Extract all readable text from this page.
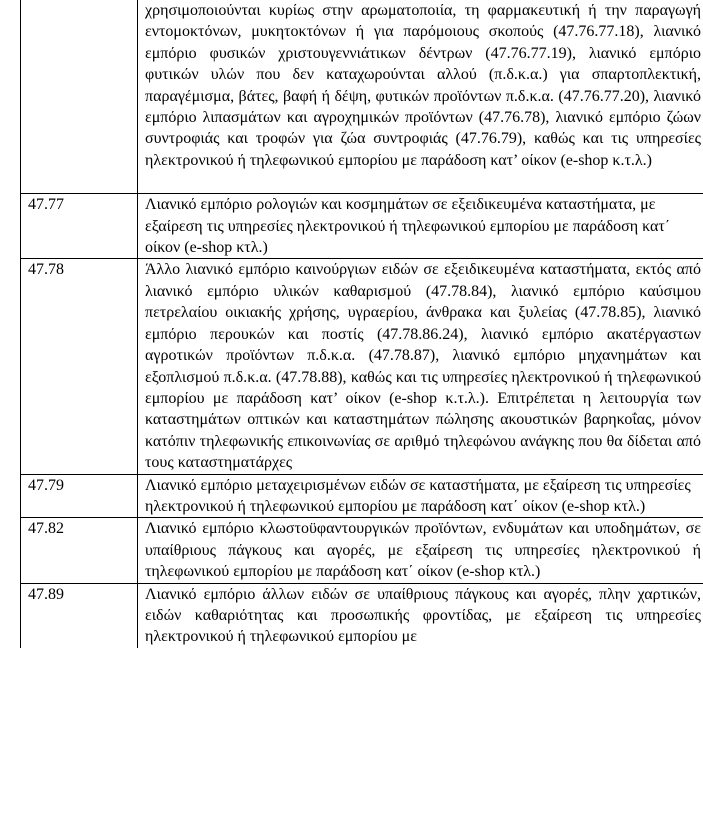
	χρησιμοποιούνται κυρίως στην αρωματοποιία, τη φαρμακευτική ή την παραγωγή εντομοκτόνων, μυκητοκτόνων ή για παρόμοιους σκοπούς (47.76.77.18), λιανικό εμπόριο φυσικών χριστουγεννιάτικων δέντρων (47.76.77.19), λιανικό εμπόριο φυτικών υλών που δεν καταχωρούνται αλλού (π.δ.κ.α.) για σπαρτοπλεκτική, παραγέμισμα, βάτες, βαφή ή δέψη, φυτικών προϊόντων π.δ.κ.α. (47.76.77.20), λιανικό εμπόριο λιπασμάτων και αγροχημικών προϊόντων (47.76.78), λιανικό εμπόριο ζώων συντροφιάς και τροφών για ζώα συντροφιάς (47.76.79), καθώς και τις υπηρεσίες ηλεκτρονικού ή τηλεφωνικού εμπορίου με παράδοση κατ’ οίκον (e-shop κ.τ.λ.)
47.77	Λιανικό εμπόριο ρολογιών και κοσμημάτων σε εξειδικευμένα καταστήματα, με εξαίρεση τις υπηρεσίες ηλεκτρονικού ή τηλεφωνικού εμπορίου με παράδοση κατ΄ οίκον (e-shop κτλ.)
47.78	Άλλο λιανικό εμπόριο καινούργιων ειδών σε εξειδικευμένα καταστήματα, εκτός από λιανικό εμπόριο υλικών καθαρισμού (47.78.84), λιανικό εμπόριο καύσιμου πετρελαίου οικιακής χρήσης, υγραερίου, άνθρακα και ξυλείας (47.78.85), λιανικό εμπόριο περουκών και ποστίς (47.78.86.24), λιανικό εμπόριο ακατέργαστων αγροτικών προϊόντων π.δ.κ.α. (47.78.87), λιανικό εμπόριο μηχανημάτων και εξοπλισμού π.δ.κ.α. (47.78.88), καθώς και τις υπηρεσίες ηλεκτρονικού ή τηλεφωνικού εμπορίου με παράδοση κατ’ οίκον (e-shop κ.τ.λ.). Επιτρέπεται η λειτουργία των καταστημάτων οπτικών και καταστημάτων πώλησης ακουστικών βαρηκοΐας, μόνον κατόπιν τηλεφωνικής επικοινωνίας σε αριθμό τηλεφώνου ανάγκης που θα δίδεται από τους καταστηματάρχες
47.79	Λιανικό εμπόριο μεταχειρισμένων ειδών σε καταστήματα, με εξαίρεση τις υπηρεσίες ηλεκτρονικού ή τηλεφωνικού εμπορίου με παράδοση κατ΄ οίκον (e-shop κτλ.)
47.82	Λιανικό εμπόριο κλωστοϋφαντουργικών προϊόντων, ενδυμάτων και υποδημάτων, σε υπαίθριους πάγκους και αγορές, με εξαίρεση τις υπηρεσίες ηλεκτρονικού ή τηλεφωνικού εμπορίου με παράδοση κατ΄ οίκον (e-shop κτλ.)
47.89	Λιανικό εμπόριο άλλων ειδών σε υπαίθριους πάγκους και αγορές, πλην χαρτικών, ειδών καθαριότητας και προσωπικής φροντίδας, με εξαίρεση τις υπηρεσίες ηλεκτρονικού ή τηλεφωνικού εμπορίου με
